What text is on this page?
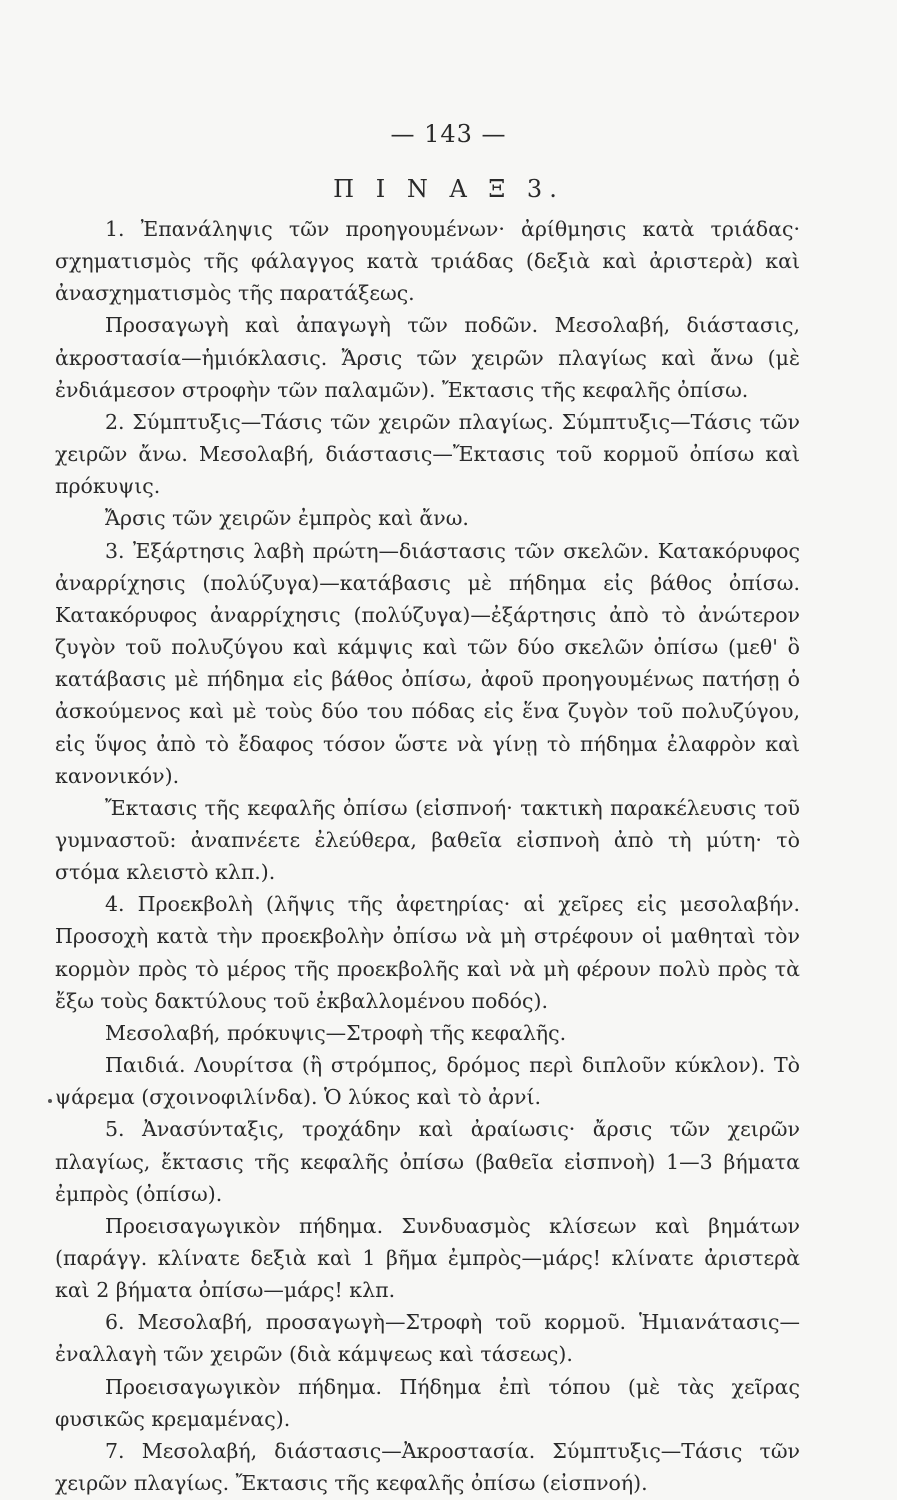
— 143 —
Π Ι Ν Α Ξ 3.

1. Ἐπανάληψις τῶν προηγουμένων· ἀρίθμησις κατὰ τριάδας· σχηματισμὸς τῆς φάλαγγος κατὰ τριάδας (δεξιὰ καὶ ἀριστερὰ) καὶ ἀνασχηματισμὸς τῆς παρατάξεως.

Προσαγωγὴ καὶ ἀπαγωγὴ τῶν ποδῶν. Μεσολαβή, διάστασις, ἀκροστασία—ἡμιόκλασις. Ἄρσις τῶν χειρῶν πλαγίως καὶ ἄνω (μὲ ἐνδιάμεσον στροφὴν τῶν παλαμῶν). Ἔκτασις τῆς κεφαλῆς ὀπίσω.

2. Σύμπτυξις—Τάσις τῶν χειρῶν πλαγίως. Σύμπτυξις—Τάσις τῶν χειρῶν ἄνω. Μεσολαβή, διάστασις—Ἔκτασις τοῦ κορμοῦ ὀπίσω καὶ πρόκυψις.

Ἄρσις τῶν χειρῶν ἐμπρὸς καὶ ἄνω.

3. Ἐξάρτησις λαβὴ πρώτη—διάστασις τῶν σκελῶν. Κατακόρυφος ἀναρρίχησις (πολύζυγα)—κατάβασις μὲ πήδημα εἰς βάθος ὀπίσω. Κατακόρυφος ἀναρρίχησις (πολύζυγα)—ἐξάρτησις ἀπὸ τὸ ἀνώτερον ζυγὸν τοῦ πολυζύγου καὶ κάμψις καὶ τῶν δύο σκελῶν ὀπίσω (μεθ' ὃ κατάβασις μὲ πήδημα εἰς βάθος ὀπίσω, ἀφοῦ προηγουμένως πατήσῃ ὁ ἀσκούμενος καὶ μὲ τοὺς δύο του πόδας εἰς ἕνα ζυγὸν τοῦ πολυζύγου, εἰς ὕψος ἀπὸ τὸ ἔδαφος τόσον ὥστε νὰ γίνῃ τὸ πήδημα ἐλαφρὸν καὶ κανονικόν).

Ἔκτασις τῆς κεφαλῆς ὀπίσω (εἰσπνοή· τακτικὴ παρακέλευσις τοῦ γυμναστοῦ: ἀναπνέετε ἐλεύθερα, βαθεῖα εἰσπνοὴ ἀπὸ τὴ μύτη· τὸ στόμα κλειστὸ κλπ.).

4. Προεκβολὴ (λῆψις τῆς ἀφετηρίας· αἱ χεῖρες εἰς μεσολαβήν. Προσοχὴ κατὰ τὴν προεκβολὴν ὀπίσω νὰ μὴ στρέφουν οἱ μαθηταὶ τὸν κορμὸν πρὸς τὸ μέρος τῆς προεκβολῆς καὶ νὰ μὴ φέρουν πολὺ πρὸς τὰ ἔξω τοὺς δακτύλους τοῦ ἐκβαλλομένου ποδός).

Μεσολαβή, πρόκυψις—Στροφὴ τῆς κεφαλῆς.

Παιδιά. Λουρίτσα (ἢ στρόμπος, δρόμος περὶ διπλοῦν κύκλον). Τὸ ψάρεμα (σχοινοφιλίνδα). Ὁ λύκος καὶ τὸ ἀρνί.

5. Ἀνασύνταξις, τροχάδην καὶ ἀραίωσις· ἄρσις τῶν χειρῶν πλαγίως, ἔκτασις τῆς κεφαλῆς ὀπίσω (βαθεῖα εἰσπνοὴ) 1—3 βήματα ἐμπρὸς (ὀπίσω).

Προεισαγωγικὸν πήδημα. Συνδυασμὸς κλίσεων καὶ βημάτων (παράγγ. κλίνατε δεξιὰ καὶ 1 βῆμα ἐμπρὸς—μάρς! κλίνατε ἀριστερὰ καὶ 2 βήματα ὀπίσω—μάρς! κλπ.

6. Μεσολαβή, προσαγωγὴ—Στροφὴ τοῦ κορμοῦ. Ἡμιανάτασις—ἐναλλαγὴ τῶν χειρῶν (διὰ κάμψεως καὶ τάσεως).

Προεισαγωγικὸν πήδημα. Πήδημα ἐπὶ τόπου (μὲ τὰς χεῖρας φυσικῶς κρεμαμένας).

7. Μεσολαβή, διάστασις—Ἀκροστασία. Σύμπτυξις—Τάσις τῶν χειρῶν πλαγίως. Ἔκτασις τῆς κεφαλῆς ὀπίσω (εἰσπνοή).
